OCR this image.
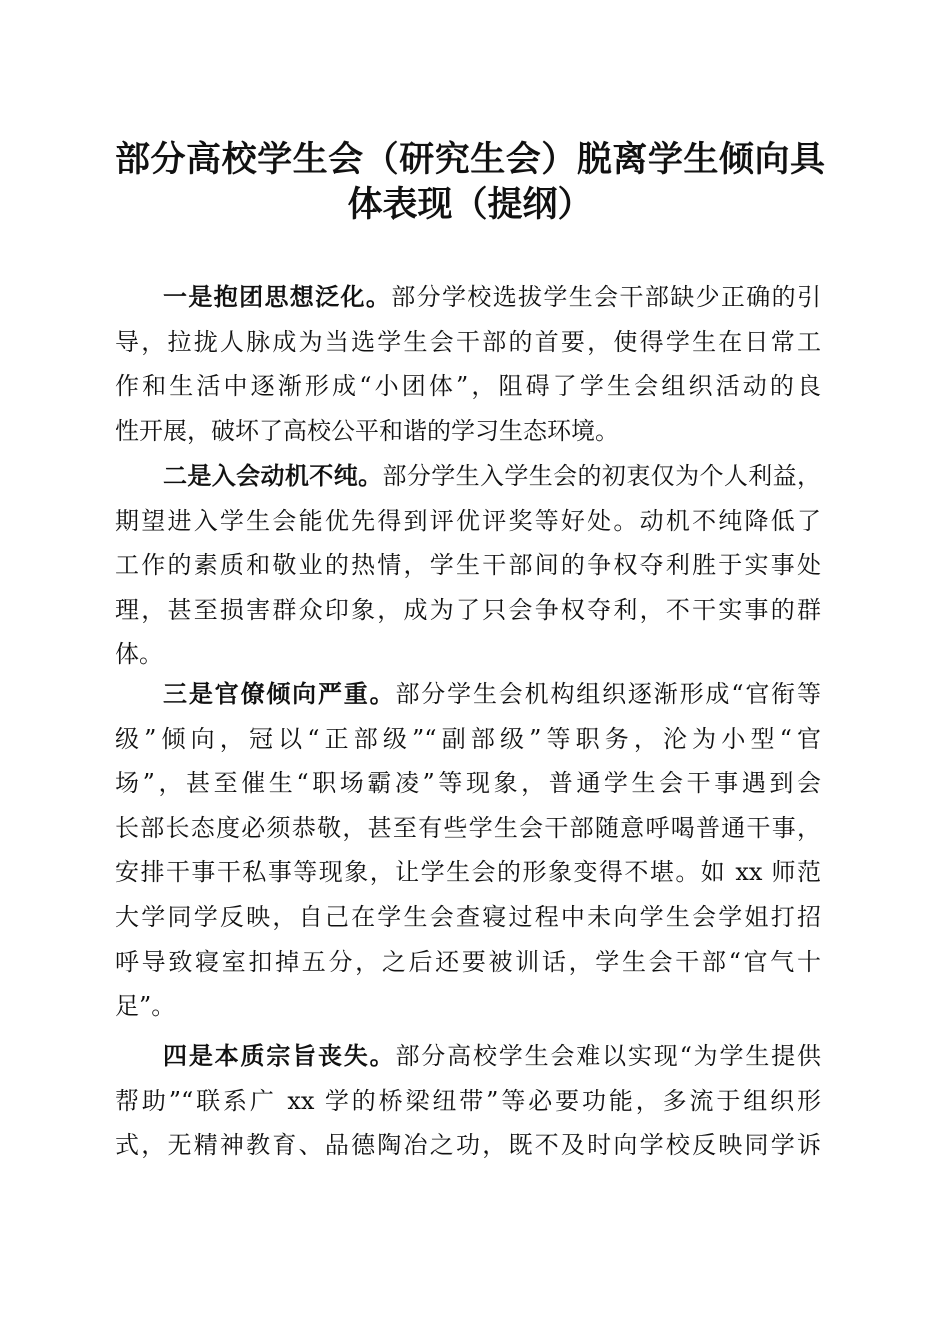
部分高校学生会（研究生会）脱离学生倾向具
体表现（提纲）
一是抱团思想泛化。部分学校选拔学生会干部缺少正确的引
导，拉拢人脉成为当选学生会干部的首要，使得学生在日常工
作和生活中逐渐形成“小团体”，阻碍了学生会组织活动的良
性开展，破坏了高校公平和谐的学习生态环境。
二是入会动机不纯。部分学生入学生会的初衷仅为个人利益，
期望进入学生会能优先得到评优评奖等好处。动机不纯降低了
工作的素质和敬业的热情，学生干部间的争权夺利胜于实事处
理，甚至损害群众印象，成为了只会争权夺利，不干实事的群
体。
三是官僚倾向严重。部分学生会机构组织逐渐形成“官衔等
级”倾向，冠以“正部级”“副部级”等职务，沦为小型“官
场”，甚至催生“职场霸凌”等现象，普通学生会干事遇到会
长部长态度必须恭敬，甚至有些学生会干部随意呼喝普通干事，
安排干事干私事等现象，让学生会的形象变得不堪。如 xx 师范
大学同学反映，自己在学生会查寝过程中未向学生会学姐打招
呼导致寝室扣掉五分，之后还要被训话，学生会干部“官气十
足”。
四是本质宗旨丧失。部分高校学生会难以实现“为学生提供
帮助”“联系广 xx 学的桥梁纽带”等必要功能，多流于组织形
式，无精神教育、品德陶冶之功，既不及时向学校反映同学诉
